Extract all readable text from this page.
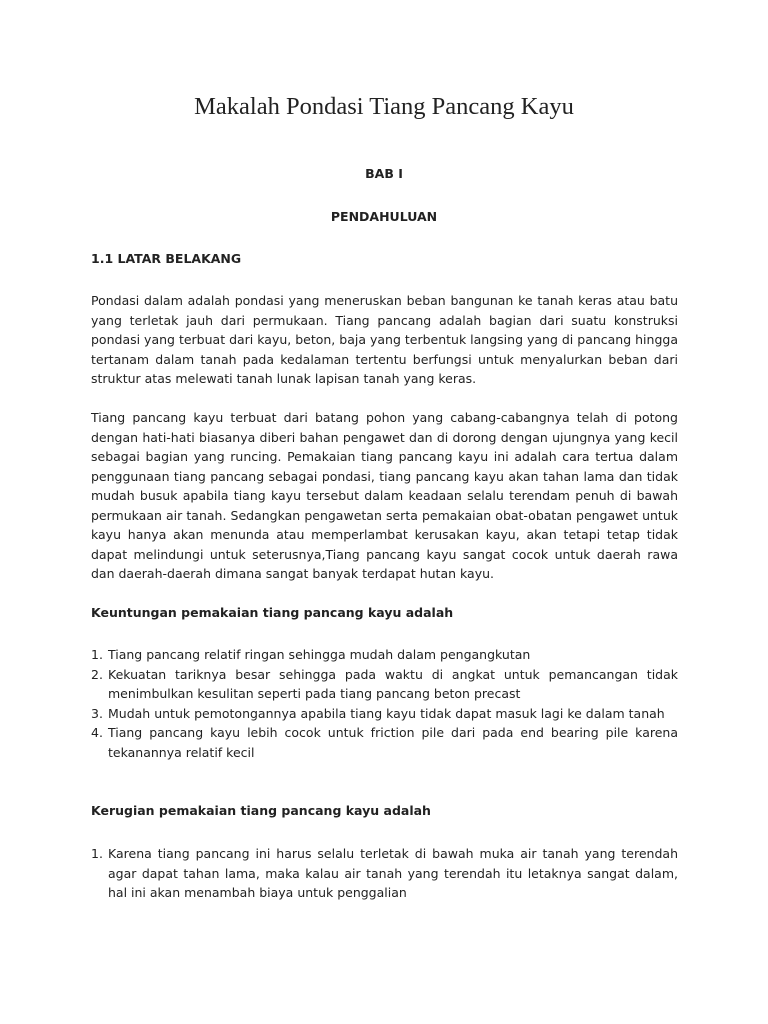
Makalah Pondasi Tiang Pancang Kayu

BAB I

PENDAHULUAN

1.1 LATAR BELAKANG

Pondasi dalam adalah pondasi yang meneruskan beban bangunan ke tanah keras atau batu yang terletak jauh dari permukaan. Tiang pancang adalah bagian dari suatu konstruksi pondasi yang terbuat dari kayu, beton, baja yang terbentuk langsing yang di pancang hingga tertanam dalam tanah pada kedalaman tertentu berfungsi untuk menyalurkan beban dari struktur atas melewati tanah lunak lapisan tanah yang keras.

Tiang pancang kayu terbuat dari batang pohon yang cabang-cabangnya telah di potong dengan hati-hati biasanya diberi bahan pengawet dan di dorong dengan ujungnya yang kecil sebagai bagian yang runcing. Pemakaian tiang pancang kayu ini adalah cara tertua dalam penggunaan tiang pancang sebagai pondasi, tiang pancang kayu akan tahan lama dan tidak mudah busuk apabila tiang kayu tersebut dalam keadaan selalu terendam penuh di bawah permukaan air tanah. Sedangkan pengawetan serta pemakaian obat-obatan pengawet untuk kayu hanya akan menunda atau memperlambat kerusakan kayu, akan tetapi tetap tidak dapat melindungi untuk seterusnya,Tiang pancang kayu sangat cocok untuk daerah rawa dan daerah-daerah dimana sangat banyak terdapat hutan kayu.

Keuntungan pemakaian tiang pancang kayu adalah

1. Tiang pancang relatif ringan sehingga mudah dalam pengangkutan
2. Kekuatan tariknya besar sehingga pada waktu di angkat untuk pemancangan tidak menimbulkan kesulitan seperti pada tiang pancang beton precast
3. Mudah untuk pemotongannya apabila tiang kayu tidak dapat masuk lagi ke dalam tanah
4. Tiang pancang kayu lebih cocok untuk friction pile dari pada end bearing pile karena tekanannya relatif kecil

Kerugian pemakaian tiang pancang kayu adalah

1. Karena tiang pancang ini harus selalu terletak di bawah muka air tanah yang terendah agar dapat tahan lama, maka kalau air tanah yang terendah itu letaknya sangat dalam, hal ini akan menambah biaya untuk penggalian
